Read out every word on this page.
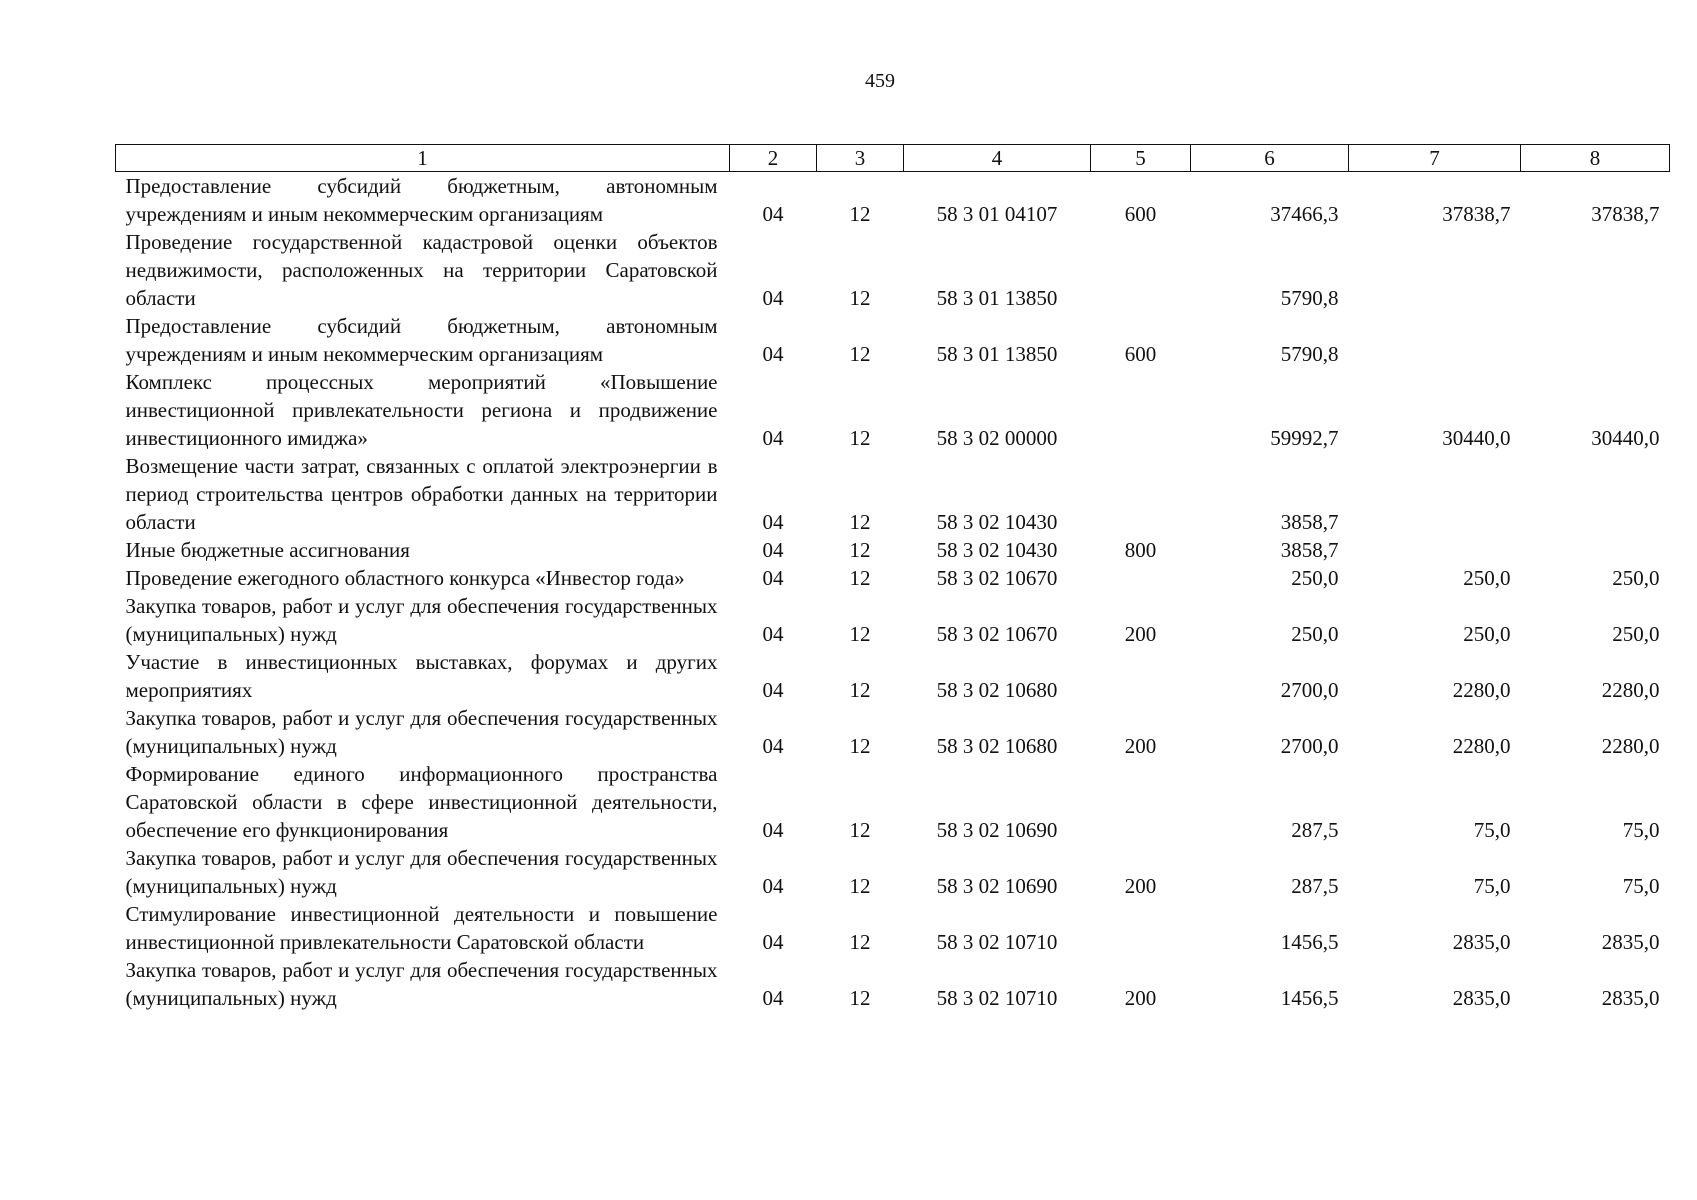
459
1	2	3	4	5	6	7	8
Предоставление субсидий бюджетным, автономным учреждениям и иным некоммерческим организациям	04	12	58 3 01 04107	600	37466,3	37838,7	37838,7
Проведение государственной кадастровой оценки объектов недвижимости, расположенных на территории Саратовской области	04	12	58 3 01 13850		5790,8		
Предоставление субсидий бюджетным, автономным учреждениям и иным некоммерческим организациям	04	12	58 3 01 13850	600	5790,8		
Комплекс процессных мероприятий «Повышение инвестиционной привлекательности региона и продвижение инвестиционного имиджа»	04	12	58 3 02 00000		59992,7	30440,0	30440,0
Возмещение части затрат, связанных с оплатой электроэнергии в период строительства центров обработки данных на территории области	04	12	58 3 02 10430		3858,7		
Иные бюджетные ассигнования	04	12	58 3 02 10430	800	3858,7		
Проведение ежегодного областного конкурса «Инвестор года»	04	12	58 3 02 10670		250,0	250,0	250,0
Закупка товаров, работ и услуг для обеспечения государственных (муниципальных) нужд	04	12	58 3 02 10670	200	250,0	250,0	250,0
Участие в инвестиционных выставках, форумах и других мероприятиях	04	12	58 3 02 10680		2700,0	2280,0	2280,0
Закупка товаров, работ и услуг для обеспечения государственных (муниципальных) нужд	04	12	58 3 02 10680	200	2700,0	2280,0	2280,0
Формирование единого информационного пространства Саратовской области в сфере инвестиционной деятельности, обеспечение его функционирования	04	12	58 3 02 10690		287,5	75,0	75,0
Закупка товаров, работ и услуг для обеспечения государственных (муниципальных) нужд	04	12	58 3 02 10690	200	287,5	75,0	75,0
Стимулирование инвестиционной деятельности и повышение инвестиционной привлекательности Саратовской области	04	12	58 3 02 10710		1456,5	2835,0	2835,0
Закупка товаров, работ и услуг для обеспечения государственных (муниципальных) нужд	04	12	58 3 02 10710	200	1456,5	2835,0	2835,0
